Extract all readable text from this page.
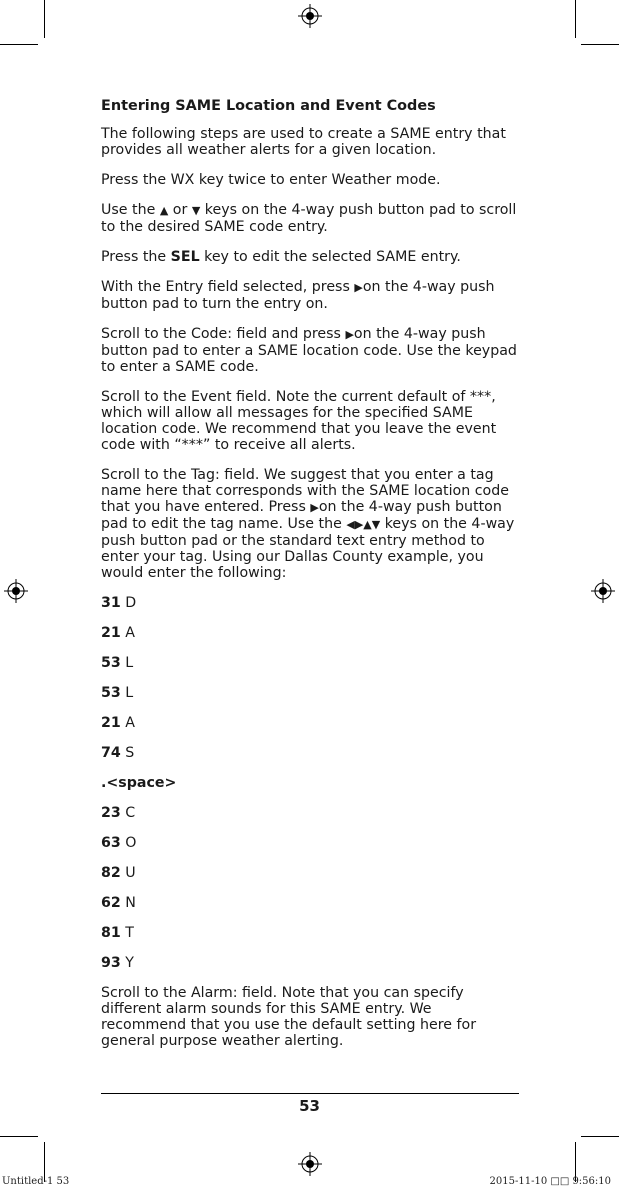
Entering SAME Location and Event Codes

The following steps are used to create a SAME entry that provides all weather alerts for a given location.

Press the WX key twice to enter Weather mode.

Use the ▲ or ▼ keys on the 4-way push button pad to scroll to the desired SAME code entry.

Press the SEL key to edit the selected SAME entry.

With the Entry field selected, press ▶on the 4-way push button pad to turn the entry on.

Scroll to the Code: field and press ▶on the 4-way push button pad to enter a SAME location code. Use the keypad to enter a SAME code.

Scroll to the Event field. Note the current default of ***, which will allow all messages for the specified SAME location code. We recommend that you leave the event code with “***” to receive all alerts.

Scroll to the Tag: field. We suggest that you enter a tag name here that corresponds with the SAME location code that you have entered. Press ▶on the 4-way push button pad to edit the tag name. Use the ◀▶▲▼ keys on the 4-way push button pad or the standard text entry method to enter your tag. Using our Dallas County example, you would enter the following:

31 D
21 A
53 L
53 L
21 A
74 S
.<space>
23 C
63 O
82 U
62 N
81 T
93 Y

Scroll to the Alarm: field. Note that you can specify different alarm sounds for this SAME entry. We recommend that you use the default setting here for general purpose weather alerting.

53
Untitled-1 53	2015-11-10 □□ 9:56:10
